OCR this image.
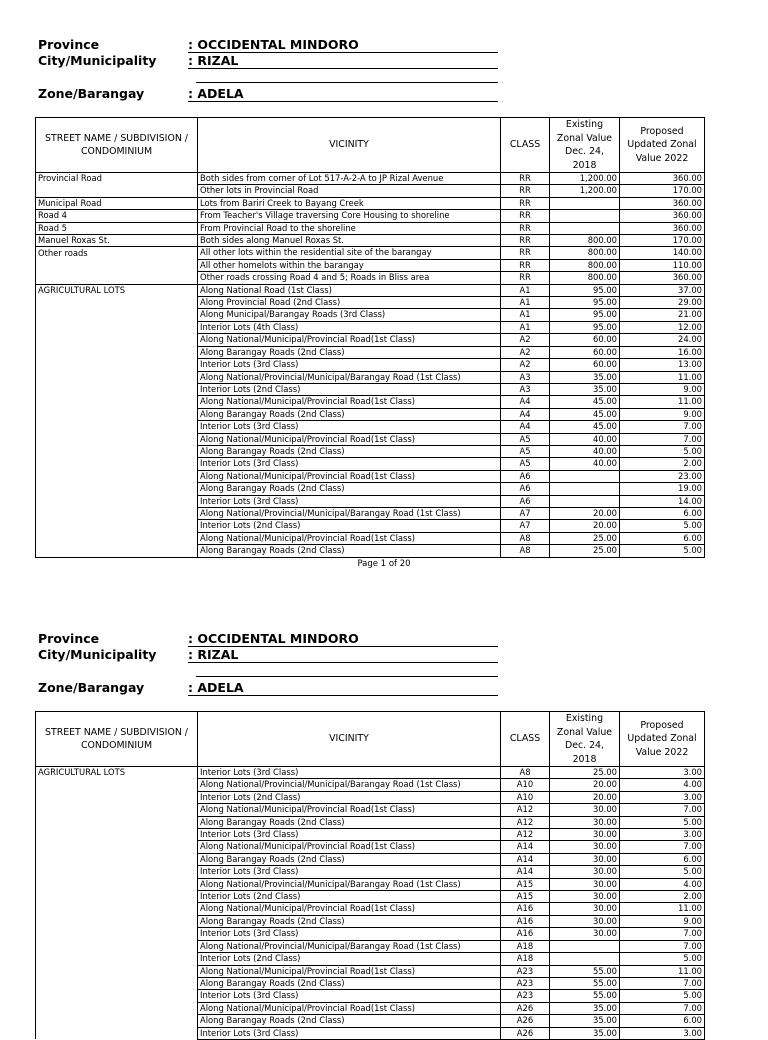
Province	: OCCIDENTAL MINDORO
City/Municipality	: RIZAL
Zone/Barangay	: ADELA
STREET NAME / SUBDIVISION / CONDOMINIUM	VICINITY	CLASS	Existing Zonal Value Dec. 24, 2018	Proposed Updated Zonal Value 2022
Provincial Road	Both sides from corner of Lot 517-A-2-A to JP Rizal Avenue	RR	1,200.00	360.00
	Other lots in Provincial Road	RR	1,200.00	170.00
Municipal Road	Lots from Bariri Creek to Bayang Creek	RR		360.00
Road 4	From Teacher's Village traversing Core Housing to shoreline	RR		360.00
Road 5	From Provincial Road to the shoreline	RR		360.00
Manuel Roxas St.	Both sides along Manuel Roxas St.	RR	800.00	170.00
Other roads	All other lots within the residential site of the barangay	RR	800.00	140.00
	All other homelots within the barangay	RR	800.00	110.00
	Other roads crossing Road 4 and 5; Roads in Bliss area	RR	800.00	360.00
AGRICULTURAL LOTS	Along National Road (1st Class)	A1	95.00	37.00
	Along Provincial Road (2nd Class)	A1	95.00	29.00
	Along Municipal/Barangay Roads (3rd Class)	A1	95.00	21.00
	Interior Lots (4th Class)	A1	95.00	12.00
	Along National/Municipal/Provincial Road(1st Class)	A2	60.00	24.00
	Along Barangay Roads (2nd Class)	A2	60.00	16.00
	Interior Lots (3rd Class)	A2	60.00	13.00
	Along National/Provincial/Municipal/Barangay Road (1st Class)	A3	35.00	11.00
	Interior Lots (2nd Class)	A3	35.00	9.00
	Along National/Municipal/Provincial Road(1st Class)	A4	45.00	11.00
	Along Barangay Roads (2nd Class)	A4	45.00	9.00
	Interior Lots (3rd Class)	A4	45.00	7.00
	Along National/Municipal/Provincial Road(1st Class)	A5	40.00	7.00
	Along Barangay Roads (2nd Class)	A5	40.00	5.00
	Interior Lots (3rd Class)	A5	40.00	2.00
	Along National/Municipal/Provincial Road(1st Class)	A6		23.00
	Along Barangay Roads (2nd Class)	A6		19.00
	Interior Lots (3rd Class)	A6		14.00
	Along National/Provincial/Municipal/Barangay Road (1st Class)	A7	20.00	6.00
	Interior Lots (2nd Class)	A7	20.00	5.00
	Along National/Municipal/Provincial Road(1st Class)	A8	25.00	6.00
	Along Barangay Roads (2nd Class)	A8	25.00	5.00
Page 1 of 20
Province	: OCCIDENTAL MINDORO
City/Municipality	: RIZAL
Zone/Barangay	: ADELA
STREET NAME / SUBDIVISION / CONDOMINIUM	VICINITY	CLASS	Existing Zonal Value Dec. 24, 2018	Proposed Updated Zonal Value 2022
AGRICULTURAL LOTS	Interior Lots (3rd Class)	A8	25.00	3.00
	Along National/Provincial/Municipal/Barangay Road (1st Class)	A10	20.00	4.00
	Interior Lots (2nd Class)	A10	20.00	3.00
	Along National/Municipal/Provincial Road(1st Class)	A12	30.00	7.00
	Along Barangay Roads (2nd Class)	A12	30.00	5.00
	Interior Lots (3rd Class)	A12	30.00	3.00
	Along National/Municipal/Provincial Road(1st Class)	A14	30.00	7.00
	Along Barangay Roads (2nd Class)	A14	30.00	6.00
	Interior Lots (3rd Class)	A14	30.00	5.00
	Along National/Provincial/Municipal/Barangay Road (1st Class)	A15	30.00	4.00
	Interior Lots (2nd Class)	A15	30.00	2.00
	Along National/Municipal/Provincial Road(1st Class)	A16	30.00	11.00
	Along Barangay Roads (2nd Class)	A16	30.00	9.00
	Interior Lots (3rd Class)	A16	30.00	7.00
	Along National/Provincial/Municipal/Barangay Road (1st Class)	A18		7.00
	Interior Lots (2nd Class)	A18		5.00
	Along National/Municipal/Provincial Road(1st Class)	A23	55.00	11.00
	Along Barangay Roads (2nd Class)	A23	55.00	7.00
	Interior Lots (3rd Class)	A23	55.00	5.00
	Along National/Municipal/Provincial Road(1st Class)	A26	35.00	7.00
	Along Barangay Roads (2nd Class)	A26	35.00	6.00
	Interior Lots (3rd Class)	A26	35.00	3.00
